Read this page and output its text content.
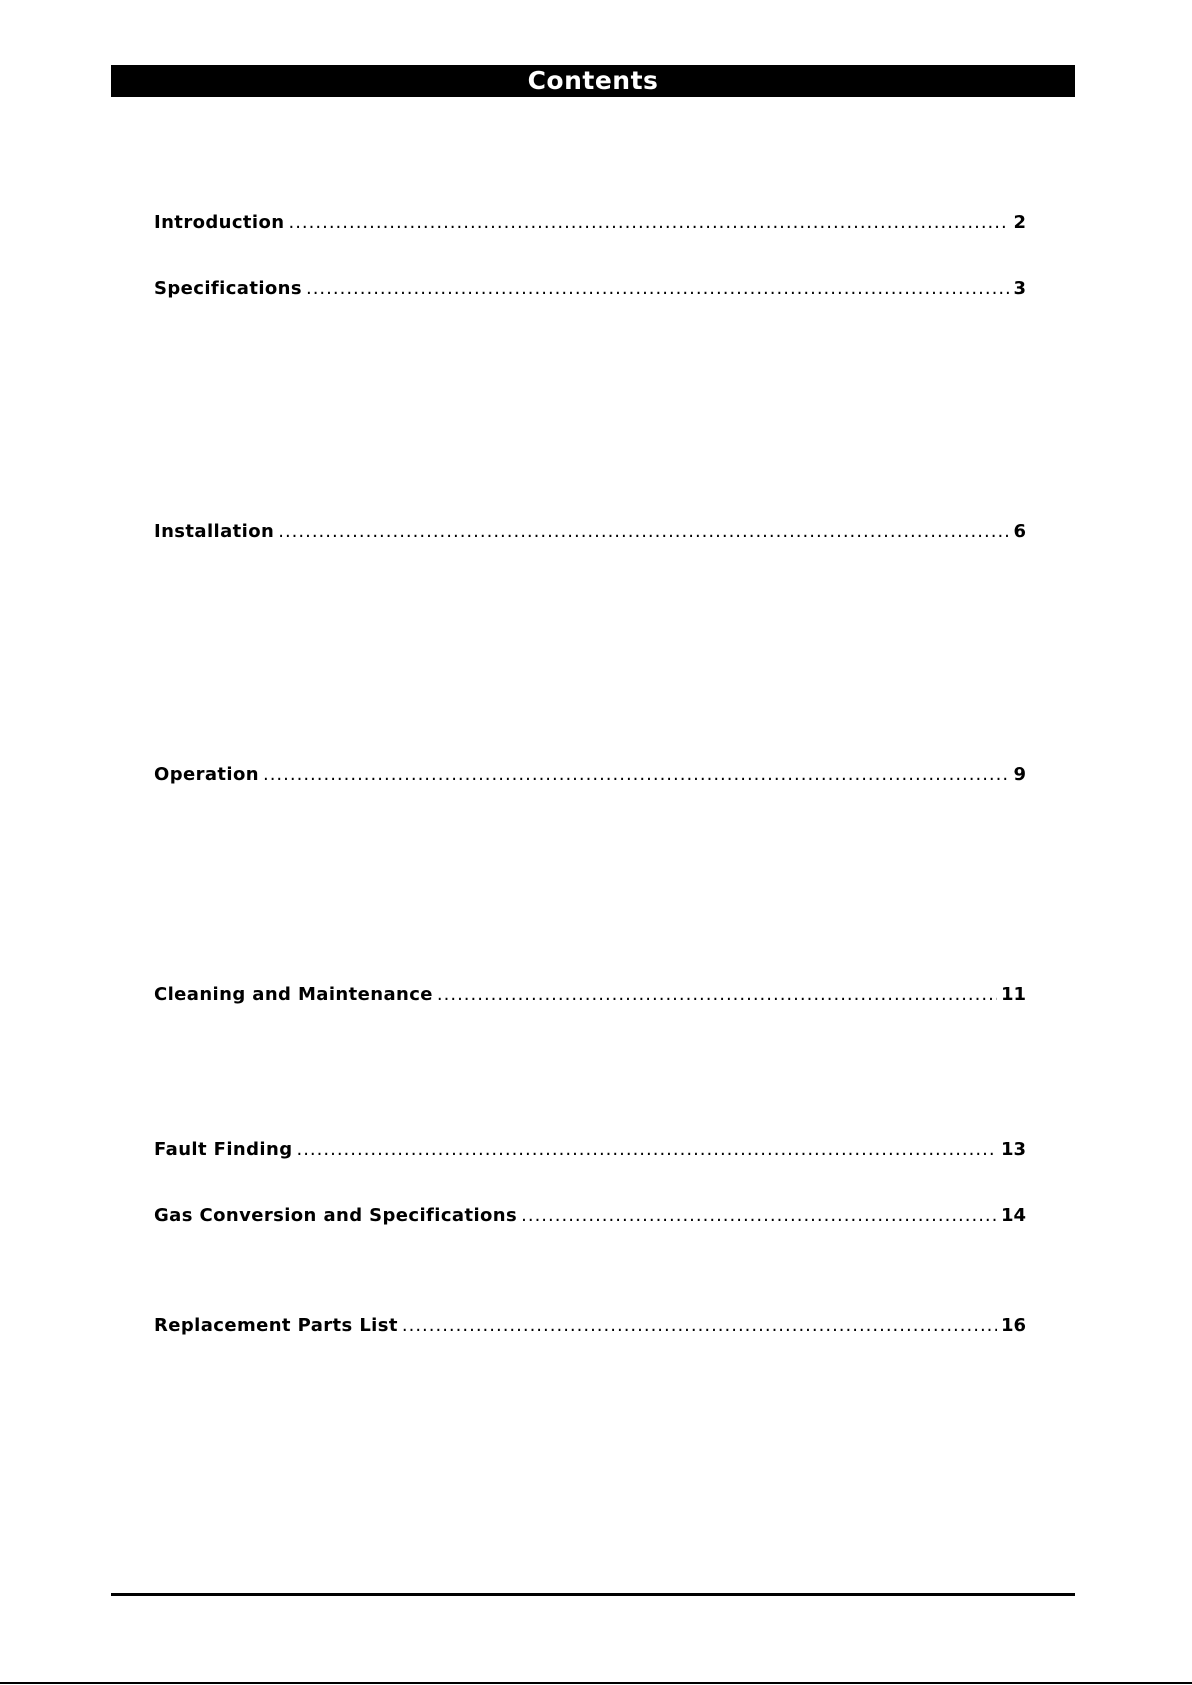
Contents
Introduction .....	2
Specifications .....	3
Installation .....	6
Operation .....	9
Cleaning and Maintenance .....	11
Fault Finding .....	13
Gas Conversion and Specifications .....	14
Replacement Parts List .....	16
